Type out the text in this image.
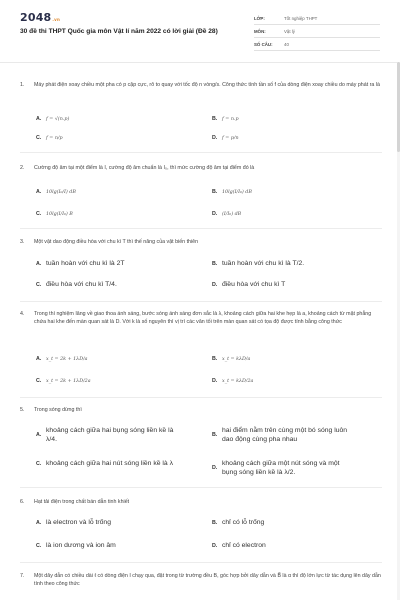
2048.vn
30 đề thi THPT Quốc gia môn Vật lí năm 2022 có lời giải (Đề 28)
LỚP:	Tốt nghiệp THPT
MÔN:	Vật lý
SỐ CÂU:	40
1. Máy phát điện xoay chiều một pha có p cặp cực, rô to quay với tốc độ n vòng/s. Công thức tính tần số f của dòng điện xoay chiều do máy phát ra là
A. f = √(n.p)	B. f = n.p
C. f = n/p	D. f = p/n
2. Cường độ âm tại một điểm là I, cường độ âm chuẩn là I₀, thì mức cường độ âm tại điểm đó là
A. 10lg(I₀/I) dB	B. 10lg(I/I₀) dB
C. 10lg(I/I₀) B	D. (I/I₀) dB
3. Một vật dao động điều hòa với chu kì T thì thế năng của vật biến thiên
A. tuần hoàn với chu kì là 2T	B. tuần hoàn với chu kì là T/2.
C. điều hòa với chu kì T/4.	D. điều hòa với chu kì T
4. Trong thí nghiệm Iâng về giao thoa ánh sáng, bước sóng ánh sáng đơn sắc là λ, khoảng cách giữa hai khe hẹp là a, khoảng cách từ mặt phẳng chứa hai khe đến màn quan sát là D. Với k là số nguyên thì vị trí các vân tối trên màn quan sát có tọa độ được tính bằng công thức
A. x_t = 2k + 1λD/a	B. x_t = kλD/a
C. x_t = 2k + 1λD/2a	D. x_t = kλD/2a
5. Trong sóng dừng thì
A.
khoảng cách giữa hai bụng sóng liền kề là λ/4.
B.
hai điểm nằm trên cùng một bó sóng luôn dao động cùng pha nhau
C. khoảng cách giữa hai nút sóng liền kề là λ
D.
khoảng cách giữa một nút sóng và một bụng sóng liền kề là λ/2.
6. Hạt tải điện trong chất bán dẫn tinh khiết
A. là electron và lỗ trống	B. chỉ có lỗ trống
C. là ion dương và ion âm	D. chỉ có electron
7. Một dây dẫn có chiều dài ℓ có dòng điện I chạy qua, đặt trong từ trường đều B, góc hợp bởi dây dẫn và B⃗ là α thì độ lớn lực từ tác dụng lên dây dẫn tính theo công thức
